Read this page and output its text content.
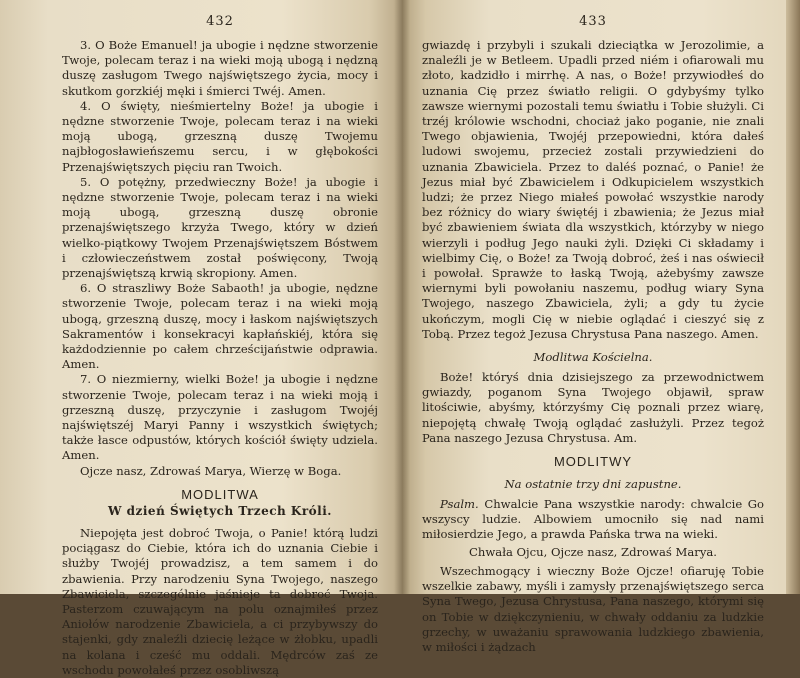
432

3. O Boże Emanuel! ja ubogie i nędzne stworzenie Twoje, polecam teraz i na wieki moją ubogą i nędzną duszę zasługom Twego najświętszego życia, mocy i skutkom gorzkiéj męki i śmierci Twéj. Amen.

4. O święty, nieśmiertelny Boże! ja ubogie i nędzne stworzenie Twoje, polecam teraz i na wieki moją ubogą, grzeszną duszę Twojemu najbłogosławieńszemu sercu, i w głębokości Przenajświętszych pięciu ran Twoich.

5. O potężny, przedwieczny Boże! ja ubogie i nędzne stworzenie Twoje, polecam teraz i na wieki moją ubogą, grzeszną duszę obronie przenajświętszego krzyża Twego, który w dzień wielko-piątkowy Twojem Przenajświętszem Bóstwem i człowieczeństwem został poświęcony, Twoją przenajświętszą krwią skropiony. Amen.

6. O straszliwy Boże Sabaoth! ja ubogie, nędzne stworzenie Twoje, polecam teraz i na wieki moją ubogą, grzeszną duszę, mocy i łaskom najświętszych Sakramentów i konsekracyi kapłańskiéj, która się każdodziennie po całem chrześcijaństwie odprawia. Amen.

7. O niezmierny, wielki Boże! ja ubogie i nędzne stworzenie Twoje, polecam teraz i na wieki moją i grzeszną duszę, przyczynie i zasługom Twojéj najświętszéj Maryi Panny i wszystkich świętych; także łasce odpustów, których kościół święty udziela. Amen.

Ojcze nasz, Zdrowaś Marya, Wierzę w Boga.

MODLITWA
W dzień Świętych Trzech Króli.

Niepojęta jest dobroć Twoja, o Panie! którą ludzi pociągasz do Ciebie, która ich do uznania Ciebie i służby Twojéj prowadzisz, a tem samem i do zbawienia. Przy narodzeniu Syna Twojego, naszego Zbawiciela, szczególnie jaśnieje ta dobroć Twoja. Pasterzom czuwającym na polu oznajmiłeś przez Aniołów narodzenie Zbawiciela, a ci przybywszy do stajenki, gdy znaleźli dziecię leżące w żłobku, upadli na kolana i cześć mu oddali. Mędrców zaś ze wschodu powołałeś przez osobliwszą

433

gwiazdę i przybyli i szukali dzieciątka w Jerozolimie, a znaleźli je w Betleem. Upadli przed niém i ofiarowali mu złoto, kadzidło i mirrhę. A nas, o Boże! przywiodłeś do uznania Cię przez światło religii. O gdybyśmy tylko zawsze wiernymi pozostali temu światłu i Tobie służyli. Ci trzéj królowie wschodni, chociaż jako poganie, nie znali Twego objawienia, Twojéj przepowiedni, która dałeś ludowi swojemu, przecież zostali przywiedzieni do uznania Zbawiciela. Przez to daléś poznać, o Panie! że Jezus miał być Zbawicielem i Odkupicielem wszystkich ludzi; że przez Niego miałeś powołać wszystkie narody bez różnicy do wiary świętéj i zbawienia; że Jezus miał być zbawieniem świata dla wszystkich, którzyby w niego wierzyli i podług Jego nauki żyli. Dzięki Ci składamy i wielbimy Cię, o Boże! za Twoją dobroć, żeś i nas oświecił i powołał. Sprawże to łaską Twoją, ażebyśmy zawsze wiernymi byli powołaniu naszemu, podług wiary Syna Twojego, naszego Zbawiciela, żyli; a gdy tu życie ukończym, mogli Cię w niebie oglądać i cieszyć się z Tobą. Przez tegoż Jezusa Chrystusa Pana naszego. Amen.

Modlitwa Kościelna.

Boże! któryś dnia dzisiejszego za przewodnictwem gwiazdy, poganom Syna Twojego objawił, spraw litościwie, abyśmy, którzyśmy Cię poznali przez wiarę, niepojętą chwałę Twoją oglądać zasłużyli. Przez tegoż Pana naszego Jezusa Chrystusa. Am.

MODLITWY
Na ostatnie trzy dni zapustne.

Psalm. Chwalcie Pana wszystkie narody: chwalcie Go wszyscy ludzie. Albowiem umocniło się nad nami miłosierdzie Jego, a prawda Pańska trwa na wieki.

Chwała Ojcu, Ojcze nasz, Zdrowaś Marya.

Wszechmogący i wieczny Boże Ojcze! ofiaruję Tobie wszelkie zabawy, myśli i zamysły przenajświętszego serca Syna Twego, Jezusa Chrystusa, Pana naszego, którymi się on Tobie w dziękczynieniu, w chwały oddaniu za ludzkie grzechy, w uważaniu sprawowania ludzkiego zbawienia, w miłości i żądzach
